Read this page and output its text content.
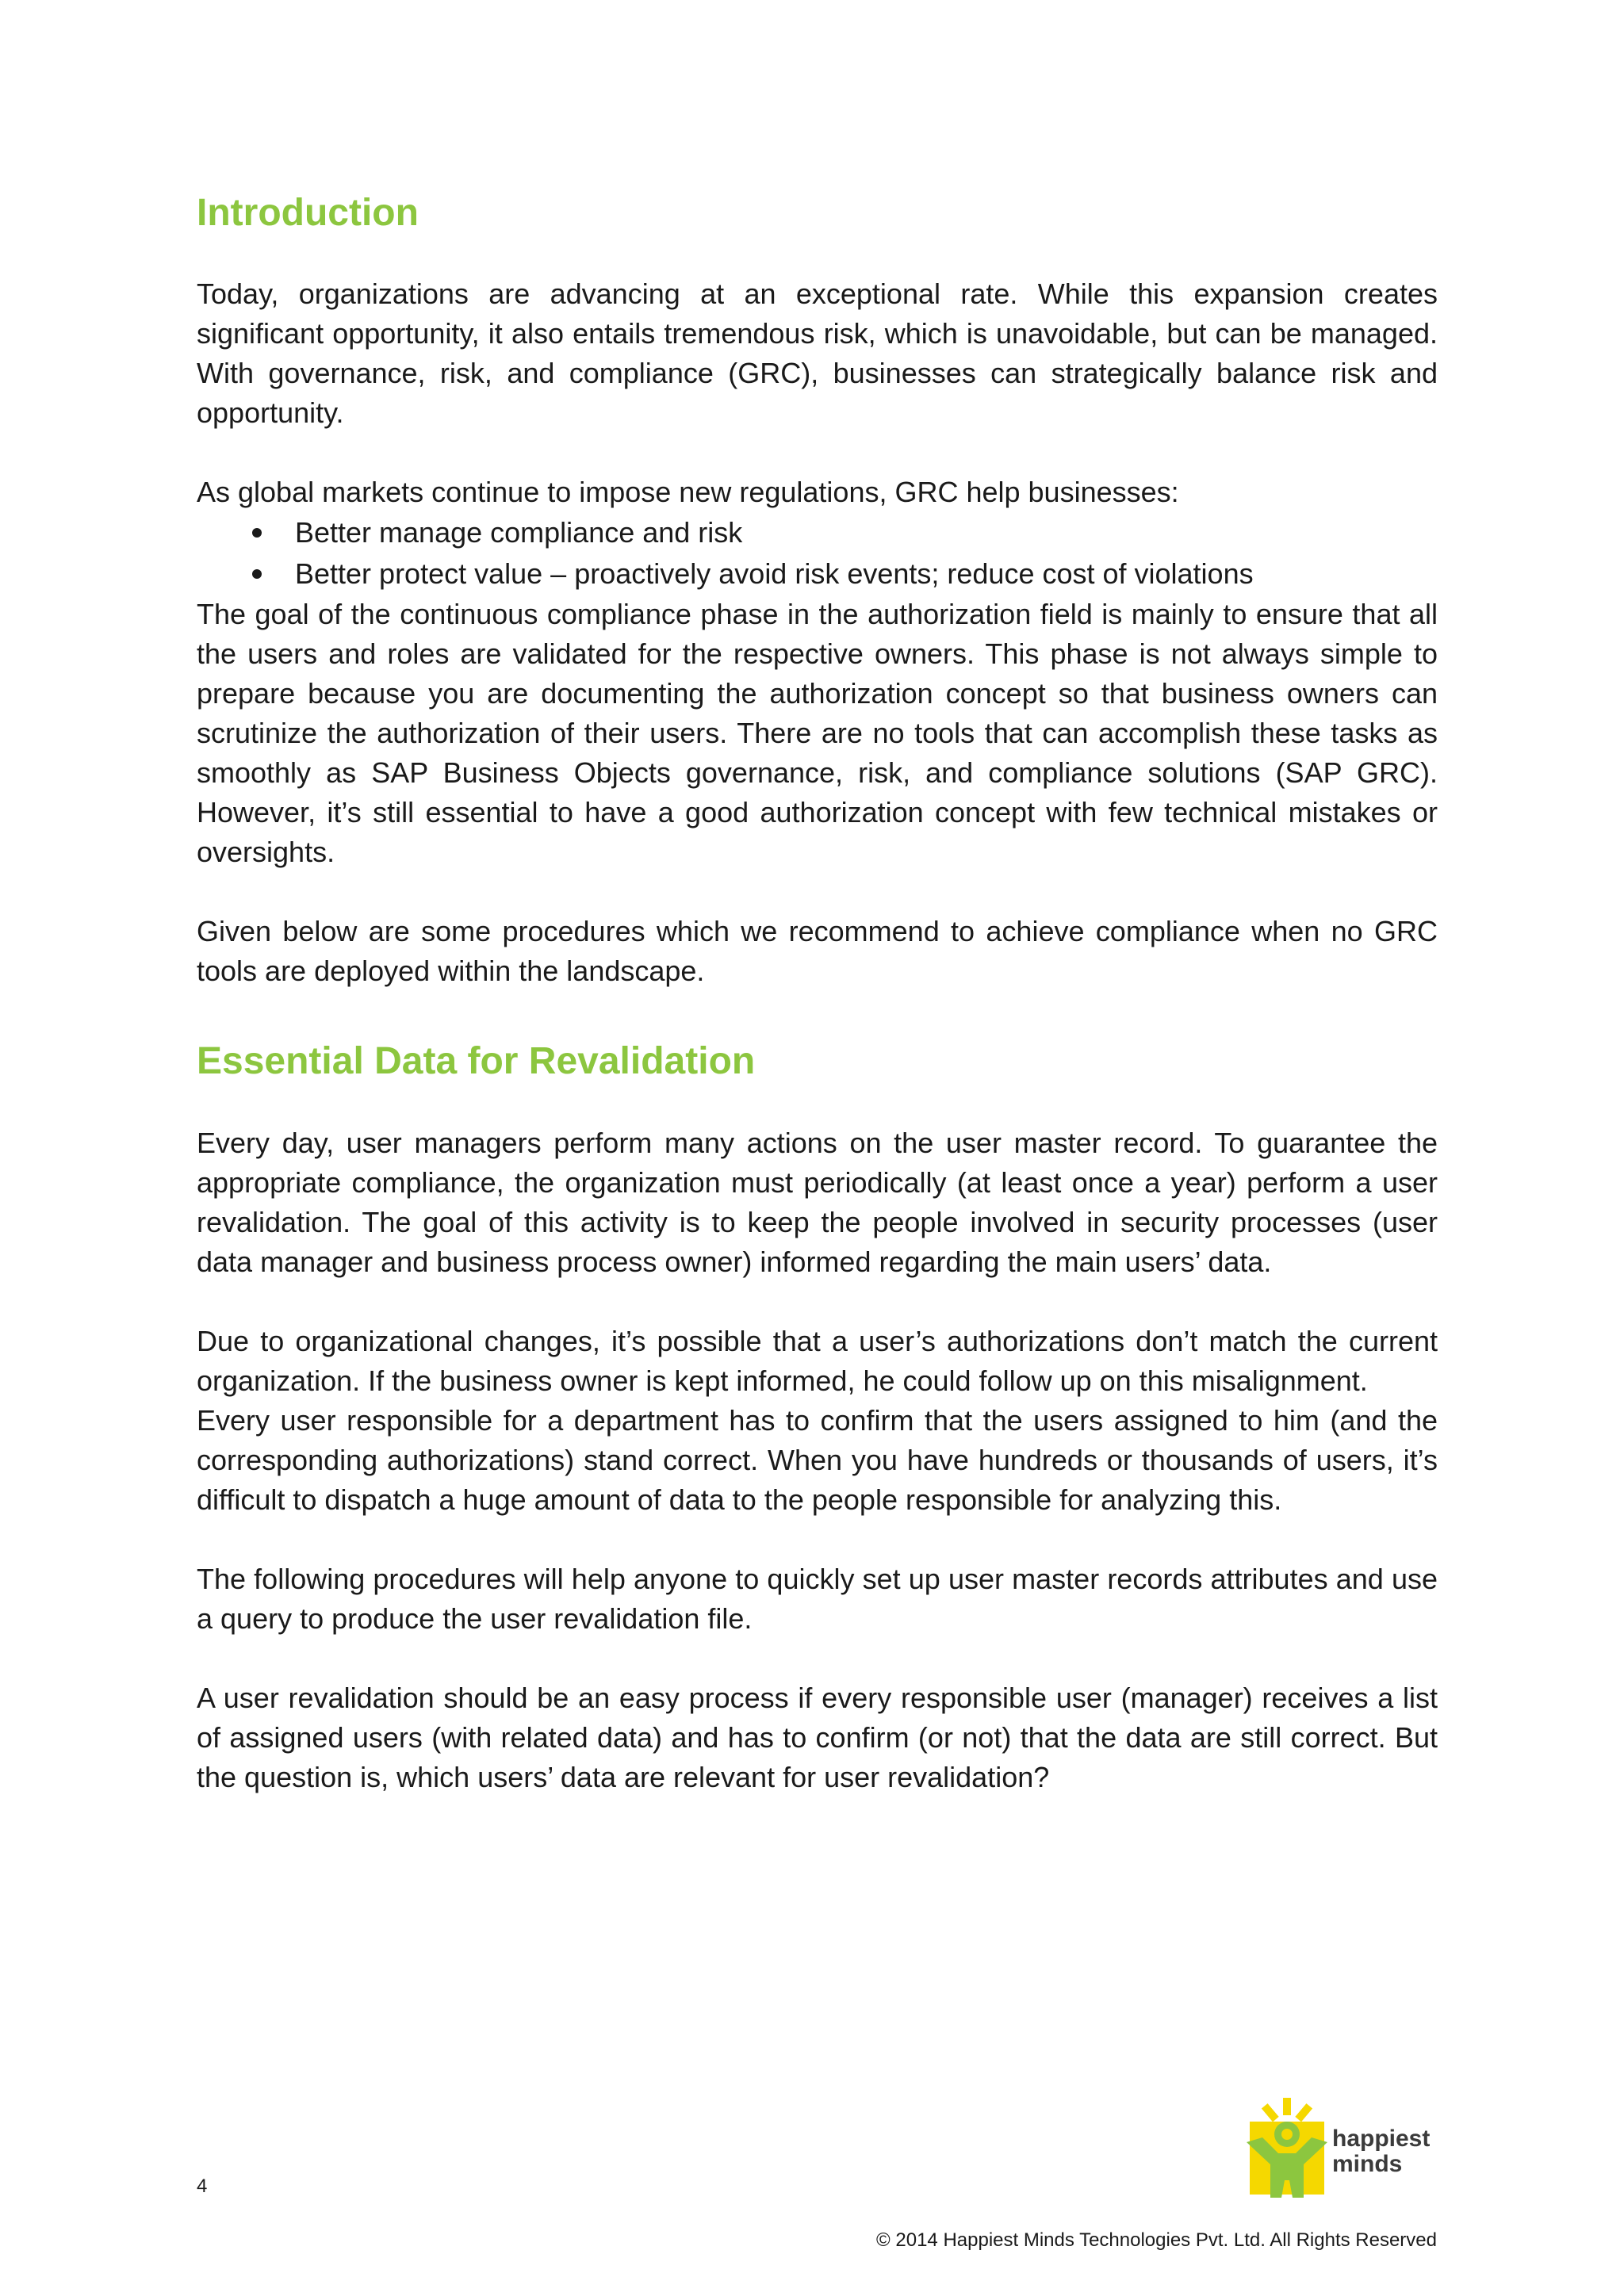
Introduction

Today, organizations are advancing at an exceptional rate. While this expansion creates significant opportunity, it also entails tremendous risk, which is unavoidable, but can be managed. With governance, risk, and compliance (GRC), businesses can strategically balance risk and opportunity.

As global markets continue to impose new regulations, GRC help businesses:

Better manage compliance and risk
Better protect value – proactively avoid risk events; reduce cost of violations

The goal of the continuous compliance phase in the authorization field is mainly to ensure that all the users and roles are validated for the respective owners. This phase is not always simple to prepare because you are documenting the authorization concept so that business owners can scrutinize the authorization of their users. There are no tools that can accomplish these tasks as smoothly as SAP Business Objects governance, risk, and compliance solutions (SAP GRC). However, it’s still essential to have a good authorization concept with few technical mistakes or oversights.

Given below are some procedures which we recommend to achieve compliance when no GRC tools are deployed within the landscape.

Essential Data for Revalidation

Every day, user managers perform many actions on the user master record. To guarantee the appropriate compliance, the organization must periodically (at least once a year) perform a user revalidation. The goal of this activity is to keep the people involved in security processes (user data manager and business process owner) informed regarding the main users’ data.

Due to organizational changes, it’s possible that a user’s authorizations don’t match the current organization. If the business owner is kept informed, he could follow up on this misalignment.

Every user responsible for a department has to confirm that the users assigned to him (and the corresponding authorizations) stand correct. When you have hundreds or thousands of users, it’s difficult to dispatch a huge amount of data to the people responsible for analyzing this.

The following procedures will help anyone to quickly set up user master records attributes and use a query to produce the user revalidation file.

A user revalidation should be an easy process if every responsible user (manager) receives a list of assigned users (with related data) and has to confirm (or not) that the data are still correct. But the question is, which users’ data are relevant for user revalidation?

4
happiest
minds
© 2014 Happiest Minds Technologies Pvt. Ltd. All Rights Reserved
